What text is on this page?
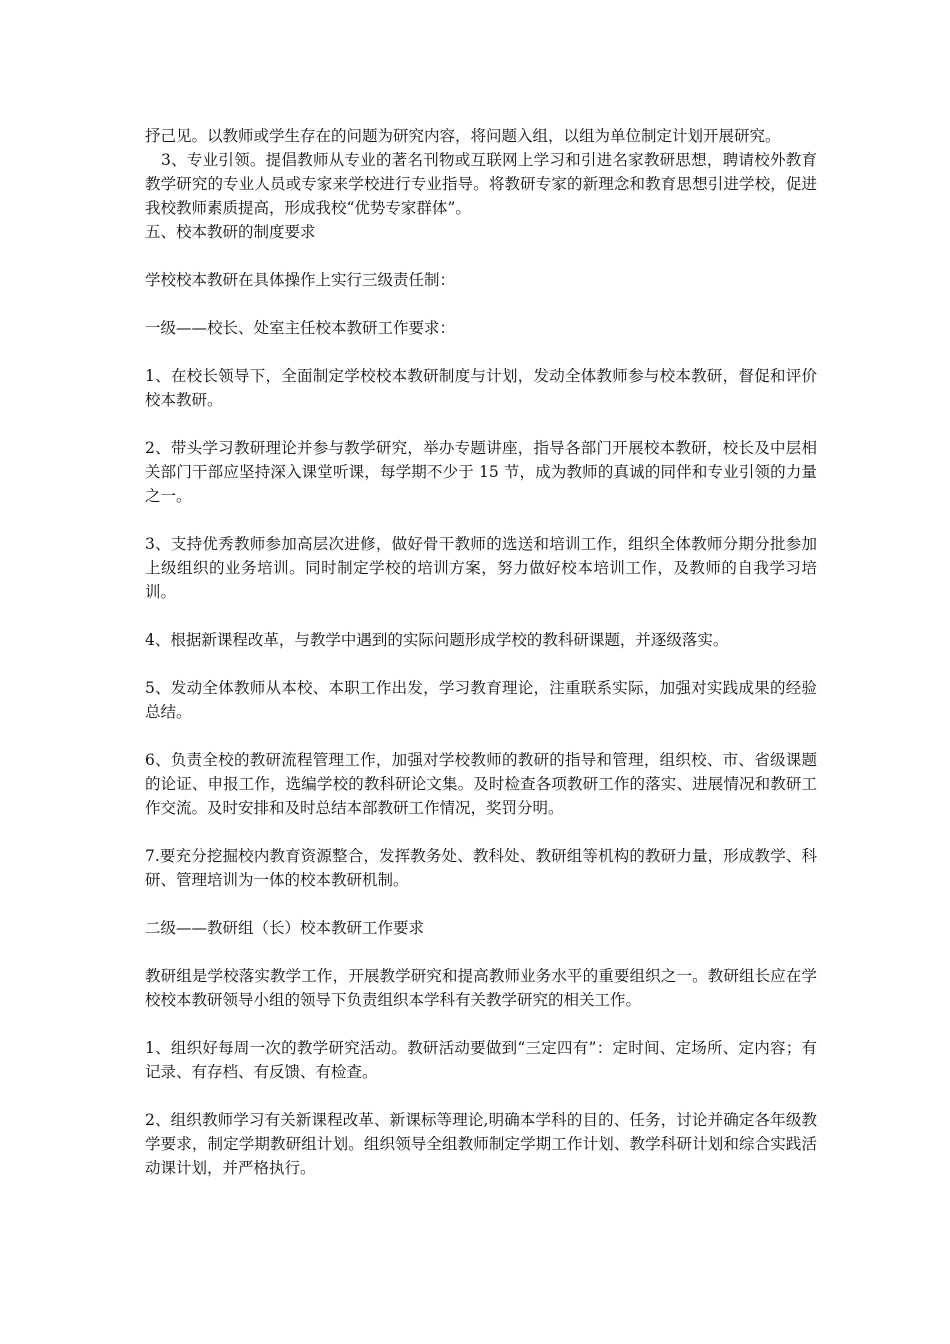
抒己见。以教师或学生存在的问题为研究内容，将问题入组，以组为单位制定计划开展研究。

3、专业引领。提倡教师从专业的著名刊物或互联网上学习和引进名家教研思想，聘请校外教育教学研究的专业人员或专家来学校进行专业指导。将教研专家的新理念和教育思想引进学校，促进我校教师素质提高，形成我校“优势专家群体”。

五、校本教研的制度要求

学校校本教研在具体操作上实行三级责任制：

一级——校长、处室主任校本教研工作要求：

1、在校长领导下，全面制定学校校本教研制度与计划，发动全体教师参与校本教研，督促和评价校本教研。

2、带头学习教研理论并参与教学研究，举办专题讲座，指导各部门开展校本教研，校长及中层相关部门干部应坚持深入课堂听课，每学期不少于 15 节，成为教师的真诚的同伴和专业引领的力量之一。

3、支持优秀教师参加高层次进修，做好骨干教师的选送和培训工作，组织全体教师分期分批参加上级组织的业务培训。同时制定学校的培训方案，努力做好校本培训工作，及教师的自我学习培训。

4、根据新课程改革，与教学中遇到的实际问题形成学校的教科研课题，并逐级落实。

5、发动全体教师从本校、本职工作出发，学习教育理论，注重联系实际，加强对实践成果的经验总结。

6、负责全校的教研流程管理工作，加强对学校教师的教研的指导和管理，组织校、市、省级课题的论证、申报工作，选编学校的教科研论文集。及时检查各项教研工作的落实、进展情况和教研工作交流。及时安排和及时总结本部教研工作情况，奖罚分明。

7.要充分挖掘校内教育资源整合，发挥教务处、教科处、教研组等机构的教研力量，形成教学、科研、管理培训为一体的校本教研机制。

二级——教研组（长）校本教研工作要求

教研组是学校落实教学工作，开展教学研究和提高教师业务水平的重要组织之一。教研组长应在学校校本教研领导小组的领导下负责组织本学科有关教学研究的相关工作。

1、组织好每周一次的教学研究活动。教研活动要做到“三定四有”：定时间、定场所、定内容；有记录、有存档、有反馈、有检查。

2、组织教师学习有关新课程改革、新课标等理论,明确本学科的目的、任务，讨论并确定各年级教学要求，制定学期教研组计划。组织领导全组教师制定学期工作计划、教学科研计划和综合实践活动课计划，并严格执行。
